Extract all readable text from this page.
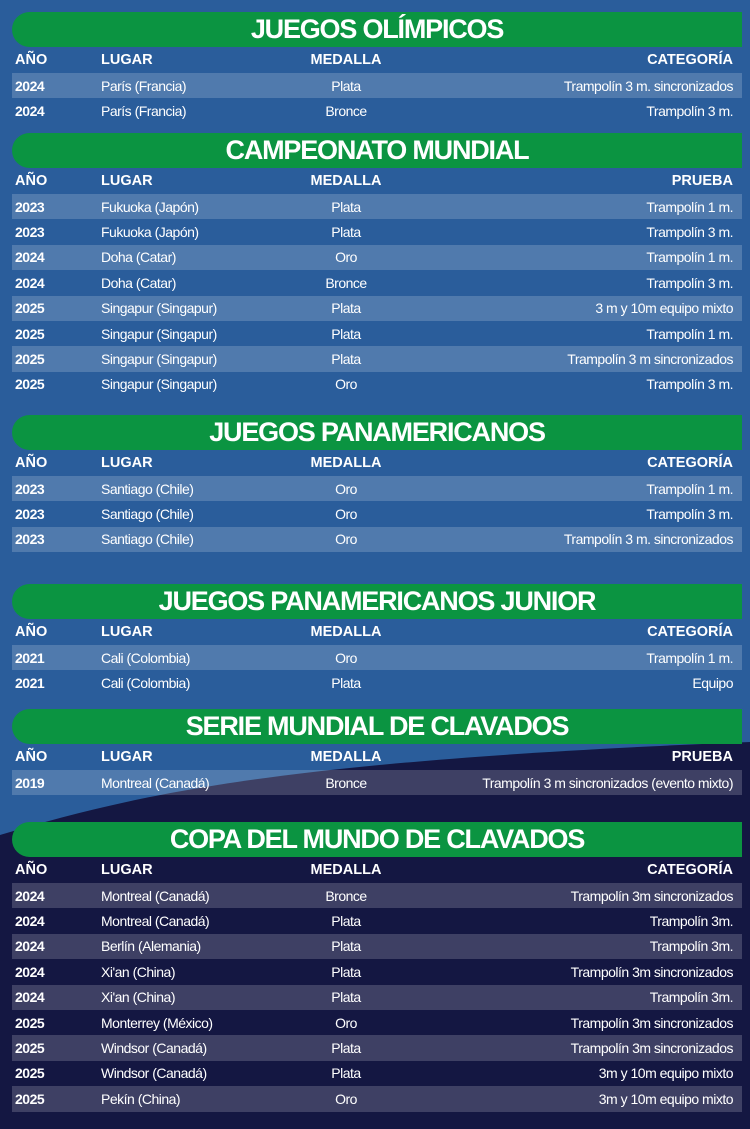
JUEGOS OLÍMPICOS
AÑO	LUGAR	MEDALLA	CATEGORÍA
2024	París (Francia)	Plata	Trampolín 3 m. sincronizados
2024	París (Francia)	Bronce	Trampolín 3 m.
CAMPEONATO MUNDIAL
AÑO	LUGAR	MEDALLA	PRUEBA
2023	Fukuoka (Japón)	Plata	Trampolín 1 m.
2023	Fukuoka (Japón)	Plata	Trampolín 3 m.
2024	Doha (Catar)	Oro	Trampolín 1 m.
2024	Doha (Catar)	Bronce	Trampolín 3 m.
2025	Singapur (Singapur)	Plata	3 m y 10m equipo mixto
2025	Singapur (Singapur)	Plata	Trampolín 1 m.
2025	Singapur (Singapur)	Plata	Trampolín 3 m sincronizados
2025	Singapur (Singapur)	Oro	Trampolín 3 m.
JUEGOS PANAMERICANOS
AÑO	LUGAR	MEDALLA	CATEGORÍA
2023	Santiago (Chile)	Oro	Trampolín 1 m.
2023	Santiago (Chile)	Oro	Trampolín 3 m.
2023	Santiago (Chile)	Oro	Trampolín 3 m. sincronizados
JUEGOS PANAMERICANOS JUNIOR
AÑO	LUGAR	MEDALLA	CATEGORÍA
2021	Cali (Colombia)	Oro	Trampolín 1 m.
2021	Cali (Colombia)	Plata	Equipo
SERIE MUNDIAL DE CLAVADOS
AÑO	LUGAR	MEDALLA	PRUEBA
2019	Montreal (Canadá)	Bronce	Trampolín 3 m sincronizados (evento mixto)
COPA DEL MUNDO DE CLAVADOS
AÑO	LUGAR	MEDALLA	CATEGORÍA
2024	Montreal (Canadá)	Bronce	Trampolín 3m sincronizados
2024	Montreal (Canadá)	Plata	Trampolín 3m.
2024	Berlín (Alemania)	Plata	Trampolín 3m.
2024	Xi'an (China)	Plata	Trampolín 3m sincronizados
2024	Xi'an (China)	Plata	Trampolín 3m.
2025	Monterrey (México)	Oro	Trampolín 3m sincronizados
2025	Windsor (Canadá)	Plata	Trampolín 3m sincronizados
2025	Windsor (Canadá)	Plata	3m y 10m equipo mixto
2025	Pekín (China)	Oro	3m y 10m equipo mixto
